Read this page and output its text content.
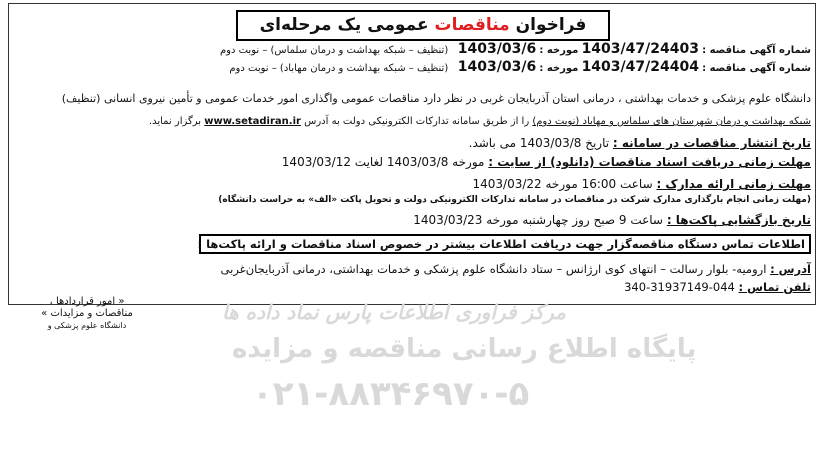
فراخوان مناقصات عمومی یک مرحله‌ای
شماره آگهی مناقصه : 1403/47/24403 مورخه : 1403/03/6   (تنظیف – شبکه بهداشت و درمان سلماس) – نوبت دوم
شماره آگهی مناقصه : 1403/47/24404 مورخه : 1403/03/6   (تنظیف – شبکه بهداشت و درمان مهاباد) – نوبت دوم
دانشگاه علوم پزشکی و خدمات بهداشتی ، درمانی استان آذربایجان غربی در نظر دارد مناقصات عمومی واگذاری امور خدمات عمومی و تأمین نیروی انسانی (تنظیف)
شبکه بهداشت و درمان شهرستان های سلماس و مهاباد (نوبت دوم) را از طریق سامانه تدارکات الکترونیکی دولت به آدرس www.setadiran.ir برگزار نماید.
تاریخ انتشار مناقصات در سامانه : تاریخ 1403/03/8 می باشد.
مهلت زمانی دریافت اسناد مناقصات (دانلود) از سایت : مورخه 1403/03/8 لغایت 1403/03/12
مهلت زمانی ارائه مدارک : ساعت 16:00 مورخه 1403/03/22
(مهلت زمانی انجام بارگذاری مدارک شرکت در مناقصات در سامانه تدارکات الکترونیکی دولت و تحویل پاکت «الف» به حراست دانشگاه)
تاریخ بازگشایی پاکت‌ها : ساعت 9 صبح روز چهارشنبه مورخه 1403/03/23
اطلاعات تماس دستگاه مناقصه‌گزار جهت دریافت اطلاعات بیشتر در خصوص اسناد مناقصات و ارائه پاکت‌ها :
آدرس : ارومیه- بلوار رسالت – انتهای کوی ارژانس – ستاد دانشگاه علوم پزشکی و خدمات بهداشتی، درمانی آذربایجان‌غربی
تلفن تماس : 044-31937149-340
« امور قراردادها ،
مناقصات و مزایدات »
دانشگاه علوم پزشکی و
مرکز فراوری اطلاعات پارس نماد داده ها
پایگاه اطلاع رسانی مناقصه و مزایده
۰۲۱-۸۸۳۴۶۹۷۰-۵
